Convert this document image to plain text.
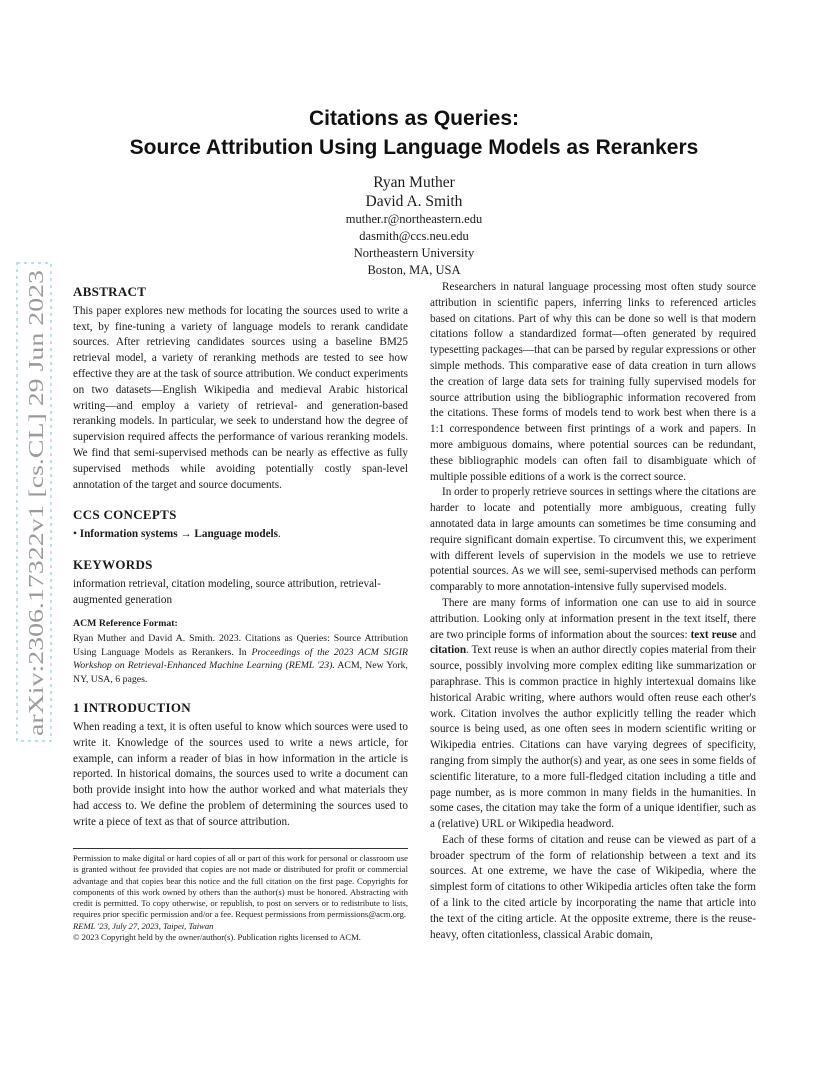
arXiv:2306.17322v1 [cs.CL] 29 Jun 2023
Citations as Queries:
Source Attribution Using Language Models as Rerankers
Ryan Muther
David A. Smith
muther.r@northeastern.edu
dasmith@ccs.neu.edu
Northeastern University
Boston, MA, USA
ABSTRACT

This paper explores new methods for locating the sources used to write a text, by fine-tuning a variety of language models to rerank candidate sources. After retrieving candidates sources using a baseline BM25 retrieval model, a variety of reranking methods are tested to see how effective they are at the task of source attribution. We conduct experiments on two datasets—English Wikipedia and medieval Arabic historical writing—and employ a variety of retrieval- and generation-based reranking models. In particular, we seek to understand how the degree of supervision required affects the performance of various reranking models. We find that semi-supervised methods can be nearly as effective as fully supervised methods while avoiding potentially costly span-level annotation of the target and source documents.

CCS CONCEPTS
• Information systems → Language models.
KEYWORDS

information retrieval, citation modeling, source attribution, retrieval-augmented generation

ACM Reference Format:

Ryan Muther and David A. Smith. 2023. Citations as Queries: Source Attribution Using Language Models as Rerankers. In Proceedings of the 2023 ACM SIGIR Workshop on Retrieval-Enhanced Machine Learning (REML '23). ACM, New York, NY, USA, 6 pages.

1 INTRODUCTION

When reading a text, it is often useful to know which sources were used to write it. Knowledge of the sources used to write a news article, for example, can inform a reader of bias in how information in the article is reported. In historical domains, the sources used to write a document can both provide insight into how the author worked and what materials they had access to. We define the problem of determining the sources used to write a piece of text as that of source attribution.

Permission to make digital or hard copies of all or part of this work for personal or classroom use is granted without fee provided that copies are not made or distributed for profit or commercial advantage and that copies bear this notice and the full citation on the first page. Copyrights for components of this work owned by others than the author(s) must be honored. Abstracting with credit is permitted. To copy otherwise, or republish, to post on servers or to redistribute to lists, requires prior specific permission and/or a fee. Request permissions from permissions@acm.org.

REML '23, July 27, 2023, Taipei, Taiwan
© 2023 Copyright held by the owner/author(s). Publication rights licensed to ACM.

Researchers in natural language processing most often study source attribution in scientific papers, inferring links to referenced articles based on citations. Part of why this can be done so well is that modern citations follow a standardized format—often generated by required typesetting packages—that can be parsed by regular expressions or other simple methods. This comparative ease of data creation in turn allows the creation of large data sets for training fully supervised models for source attribution using the bibliographic information recovered from the citations. These forms of models tend to work best when there is a 1:1 correspondence between first printings of a work and papers. In more ambiguous domains, where potential sources can be redundant, these bibliographic models can often fail to disambiguate which of multiple possible editions of a work is the correct source.

In order to properly retrieve sources in settings where the citations are harder to locate and potentially more ambiguous, creating fully annotated data in large amounts can sometimes be time consuming and require significant domain expertise. To circumvent this, we experiment with different levels of supervision in the models we use to retrieve potential sources. As we will see, semi-supervised methods can perform comparably to more annotation-intensive fully supervised models.

There are many forms of information one can use to aid in source attribution. Looking only at information present in the text itself, there are two principle forms of information about the sources: text reuse and citation. Text reuse is when an author directly copies material from their source, possibly involving more complex editing like summarization or paraphrase. This is common practice in highly intertexual domains like historical Arabic writing, where authors would often reuse each other's work. Citation involves the author explicitly telling the reader which source is being used, as one often sees in modern scientific writing or Wikipedia entries. Citations can have varying degrees of specificity, ranging from simply the author(s) and year, as one sees in some fields of scientific literature, to a more full-fledged citation including a title and page number, as is more common in many fields in the humanities. In some cases, the citation may take the form of a unique identifier, such as a (relative) URL or Wikipedia headword.

Each of these forms of citation and reuse can be viewed as part of a broader spectrum of the form of relationship between a text and its sources. At one extreme, we have the case of Wikipedia, where the simplest form of citations to other Wikipedia articles often take the form of a link to the cited article by incorporating the name that article into the text of the citing article. At the opposite extreme, there is the reuse-heavy, often citationless, classical Arabic domain,
